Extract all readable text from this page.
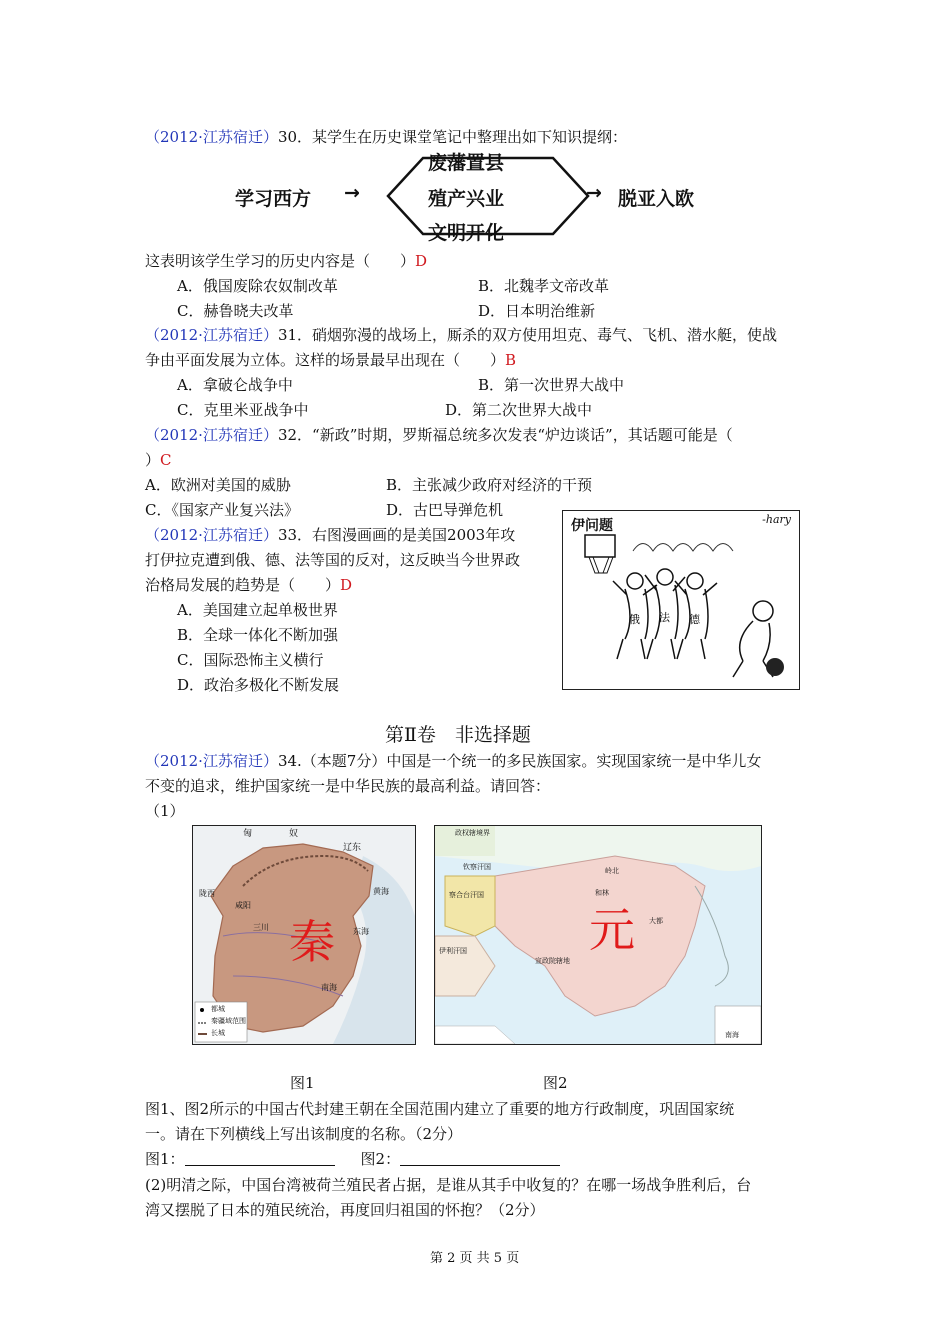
（2012·江苏宿迁）30．某学生在历史课堂笔记中整理出如下知识提纲：
学习西方 →
废藩置县
殖产兴业
文明开化
→ 脱亚入欧
这表明该学生学习的历史内容是（　　）D
A．俄国废除农奴制改革	B．北魏孝文帝改革
C．赫鲁晓夫改革	D．日本明治维新
（2012·江苏宿迁）31．硝烟弥漫的战场上，厮杀的双方使用坦克、毒气、飞机、潜水艇，使战
争由平面发展为立体。这样的场景最早出现在（　　）B
A．拿破仑战争中	B．第一次世界大战中
C．克里米亚战争中	D．第二次世界大战中
（2012·江苏宿迁）32．“新政”时期，罗斯福总统多次发表“炉边谈话”，其话题可能是（
）C
A．欧洲对美国的威胁	B．主张减少政府对经济的干预
C．《国家产业复兴法》	D．古巴导弹危机
（2012·江苏宿迁）33．右图漫画画的是美国2003年攻
打伊拉克遭到俄、德、法等国的反对，这反映当今世界政
治格局发展的趋势是（　　）D
A．美国建立起单极世界
B．全球一体化不断加强
C．国际恐怖主义横行
D．政治多极化不断发展
伊问题	-hary
俄 法 德
第Ⅱ卷　非选择题
（2012·江苏宿迁）34.（本题7分）中国是一个统一的多民族国家。实现国家统一是中华儿女
不变的追求，维护国家统一是中华民族的最高利益。请回答：
（1）
匈	奴
辽东
陇西
咸阳
三川
南海
东海
黄海
都城
秦疆域范围
长城
秦
政权辖境界
钦察汗国
察合台汗国
伊利汗国
岭北
和林
大都
宣政院辖地
南海
元
图1	图2
图1、图2所示的中国古代封建王朝在全国范围内建立了重要的地方行政制度，巩固国家统
一。请在下列横线上写出该制度的名称。（2分）
图1：	图2：
(2)明清之际，中国台湾被荷兰殖民者占据，是谁从其手中收复的？在哪一场战争胜利后，台
湾又摆脱了日本的殖民统治，再度回归祖国的怀抱？（2分）
第 2 页 共 5 页
